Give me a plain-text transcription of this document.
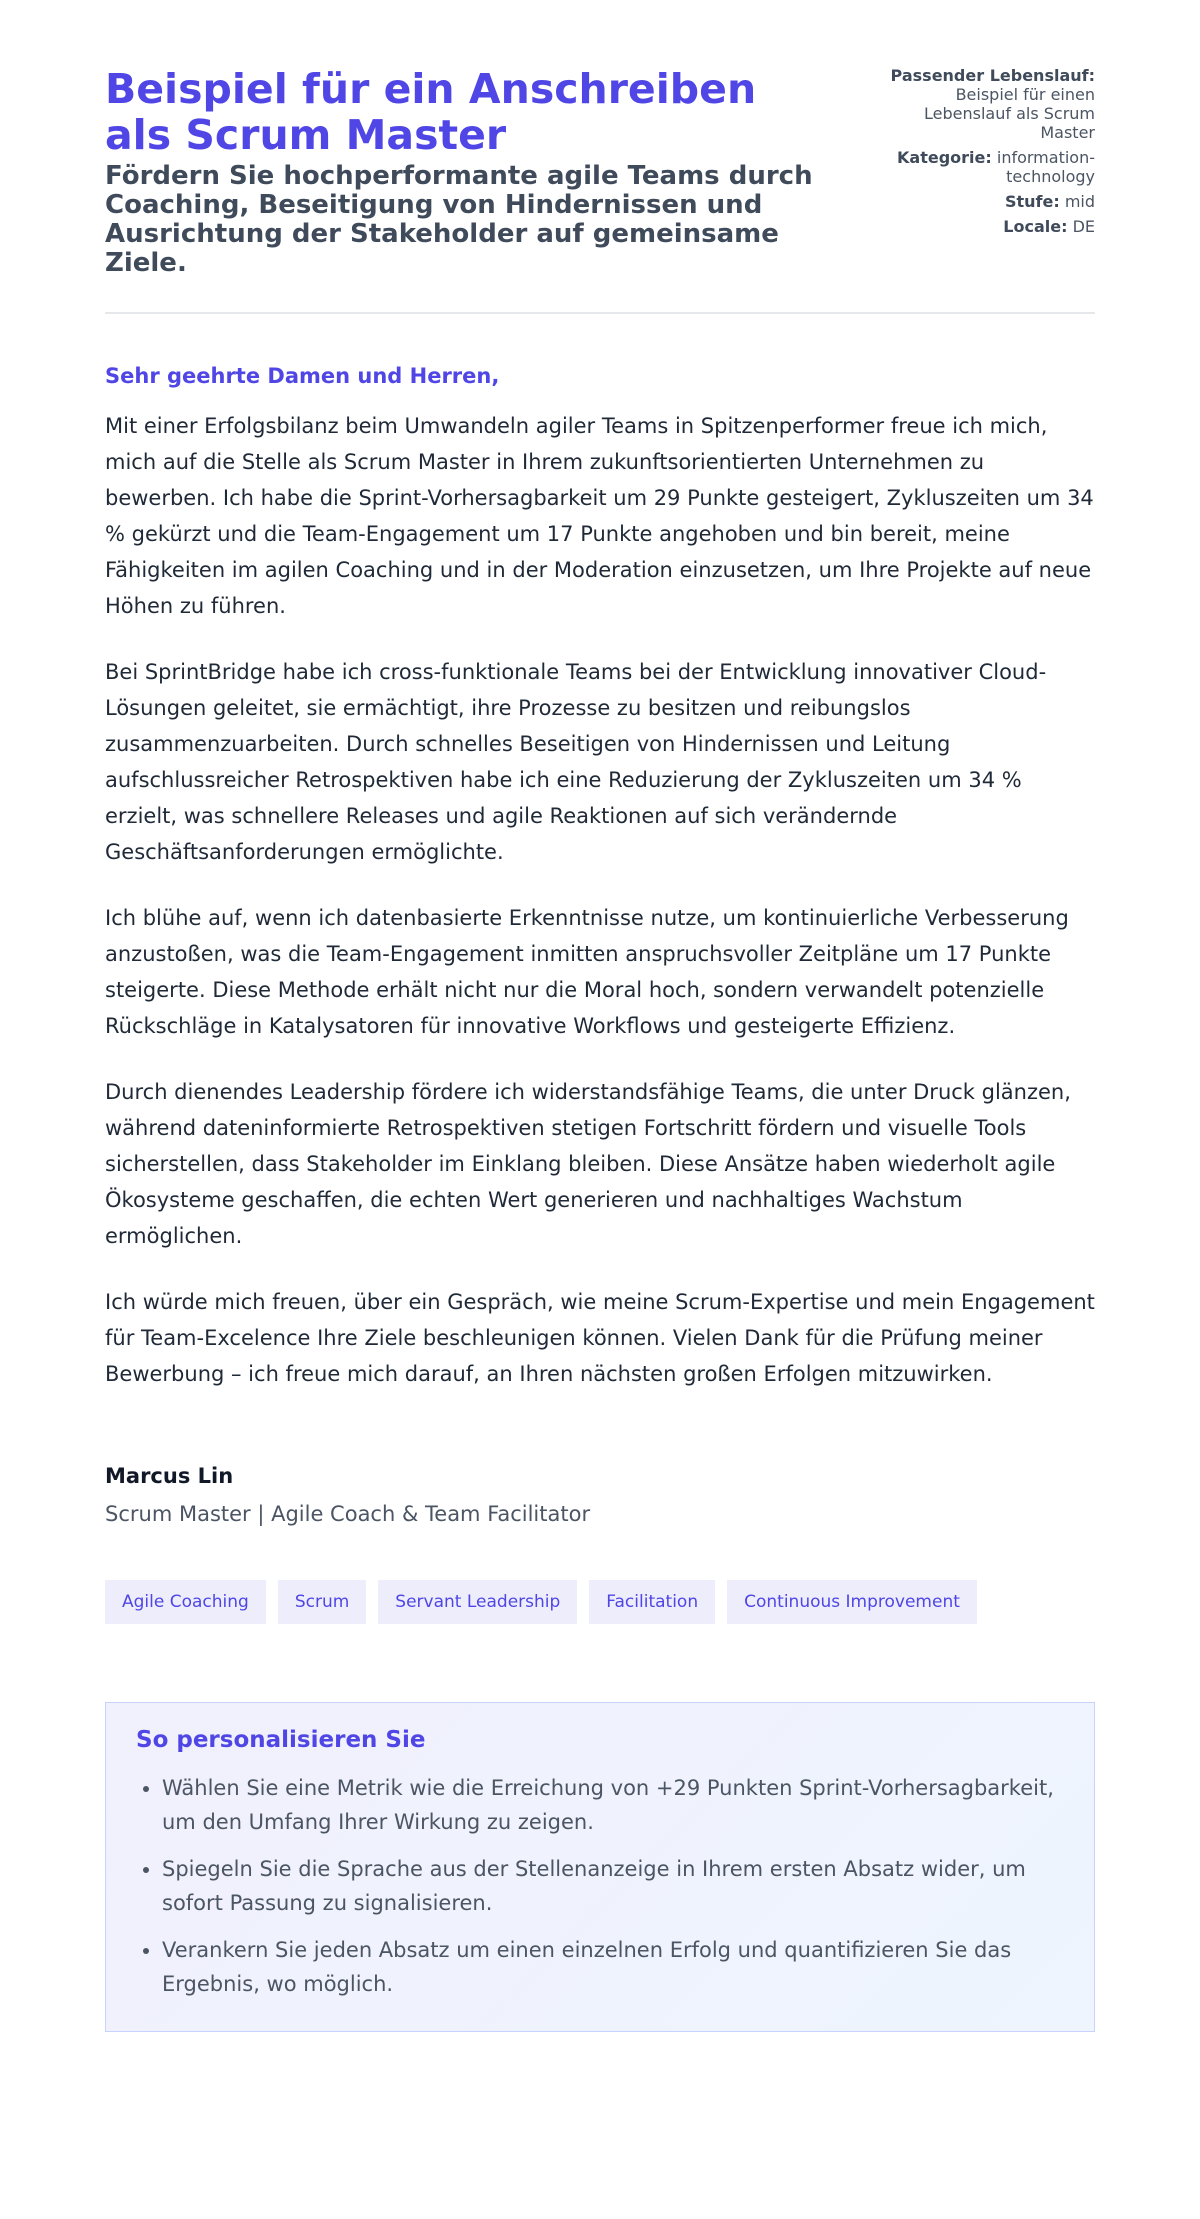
Beispiel für ein Anschreiben als Scrum Master
Fördern Sie hochperformante agile Teams durch Coaching, Beseitigung von Hindernissen und Ausrichtung der Stakeholder auf gemeinsame Ziele.
Passender Lebenslauf:
Beispiel für einen Lebenslauf als Scrum Master
Kategorie: information-technology
Stufe: mid
Locale: DE
Sehr geehrte Damen und Herren,

Mit einer Erfolgsbilanz beim Umwandeln agiler Teams in Spitzenperformer freue ich mich, mich auf die Stelle als Scrum Master in Ihrem zukunftsorientierten Unternehmen zu bewerben. Ich habe die Sprint-Vorhersagbarkeit um 29 Punkte gesteigert, Zykluszeiten um 34 % gekürzt und die Team-Engagement um 17 Punkte angehoben und bin bereit, meine Fähigkeiten im agilen Coaching und in der Moderation einzusetzen, um Ihre Projekte auf neue Höhen zu führen.

Bei SprintBridge habe ich cross-funktionale Teams bei der Entwicklung innovativer Cloud-Lösungen geleitet, sie ermächtigt, ihre Prozesse zu besitzen und reibungslos zusammenzuarbeiten. Durch schnelles Beseitigen von Hindernissen und Leitung aufschlussreicher Retrospektiven habe ich eine Reduzierung der Zykluszeiten um 34 % erzielt, was schnellere Releases und agile Reaktionen auf sich verändernde Geschäftsanforderungen ermöglichte.

Ich blühe auf, wenn ich datenbasierte Erkenntnisse nutze, um kontinuierliche Verbesserung anzustoßen, was die Team-Engagement inmitten anspruchsvoller Zeitpläne um 17 Punkte steigerte. Diese Methode erhält nicht nur die Moral hoch, sondern verwandelt potenzielle Rückschläge in Katalysatoren für innovative Workflows und gesteigerte Effizienz.

Durch dienendes Leadership fördere ich widerstandsfähige Teams, die unter Druck glänzen, während dateninformierte Retrospektiven stetigen Fortschritt fördern und visuelle Tools sicherstellen, dass Stakeholder im Einklang bleiben. Diese Ansätze haben wiederholt agile Ökosysteme geschaffen, die echten Wert generieren und nachhaltiges Wachstum ermöglichen.

Ich würde mich freuen, über ein Gespräch, wie meine Scrum-Expertise und mein Engagement für Team-Excelence Ihre Ziele beschleunigen können. Vielen Dank für die Prüfung meiner Bewerbung – ich freue mich darauf, an Ihren nächsten großen Erfolgen mitzuwirken.

Marcus Lin
Scrum Master | Agile Coach & Team Facilitator
Agile Coaching	Scrum	Servant Leadership	Facilitation	Continuous Improvement
So personalisieren Sie
• Wählen Sie eine Metrik wie die Erreichung von +29 Punkten Sprint-Vorhersagbarkeit, um den Umfang Ihrer Wirkung zu zeigen.
• Spiegeln Sie die Sprache aus der Stellenanzeige in Ihrem ersten Absatz wider, um sofort Passung zu signalisieren.
• Verankern Sie jeden Absatz um einen einzelnen Erfolg und quantifizieren Sie das Ergebnis, wo möglich.
